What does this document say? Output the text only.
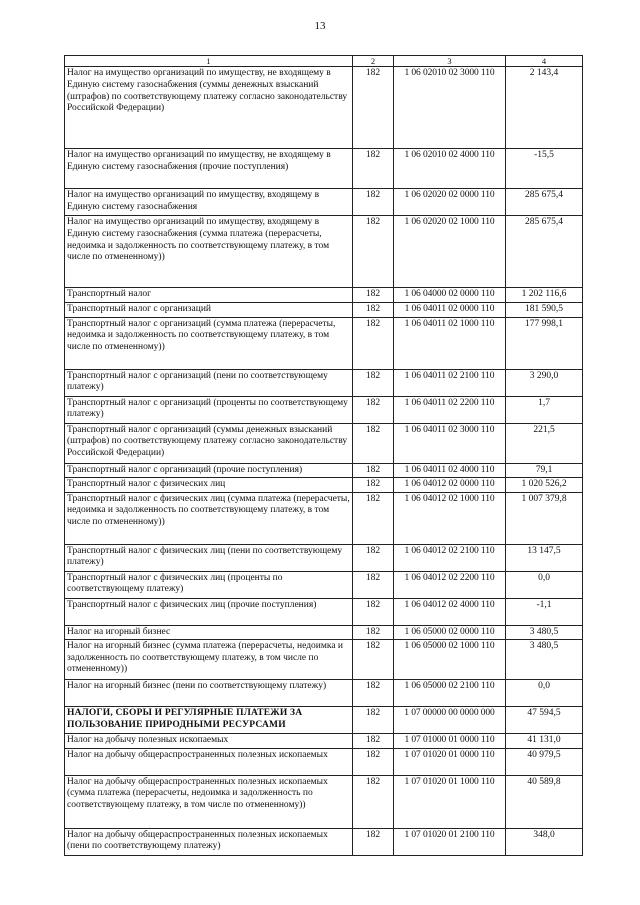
13
1	2	3	4
Налог на имущество организаций по имуществу, не входящему в Единую систему газоснабжения (суммы денежных взысканий (штрафов) по соответствующему платежу согласно законодательству Российской Федерации)	182	1 06 02010 02 3000 110	2 143,4
Налог на имущество организаций по имуществу, не входящему в Единую систему газоснабжения (прочие поступления)	182	1 06 02010 02 4000 110	-15,5
Налог на имущество организаций по имуществу, входящему в Единую систему газоснабжения	182	1 06 02020 02 0000 110	285 675,4
Налог на имущество организаций по имуществу, входящему в Единую систему газоснабжения (сумма платежа (перерасчеты, недоимка и задолженность по соответствующему платежу, в том числе по отмененному))	182	1 06 02020 02 1000 110	285 675,4
Транспортный налог	182	1 06 04000 02 0000 110	1 202 116,6
Транспортный налог с организаций	182	1 06 04011 02 0000 110	181 590,5
Транспортный налог с организаций (сумма платежа (перерасчеты, недоимка и задолженность по соответствующему платежу, в том числе по отмененному))	182	1 06 04011 02 1000 110	177 998,1
Транспортный налог с организаций (пени по соответствующему платежу)	182	1 06 04011 02 2100 110	3 290,0
Транспортный налог с организаций (проценты по соответствующему платежу)	182	1 06 04011 02 2200 110	1,7
Транспортный налог с организаций (суммы денежных взысканий (штрафов) по соответствующему платежу согласно законодательству Российской Федерации)	182	1 06 04011 02 3000 110	221,5
Транспортный налог с организаций (прочие поступления)	182	1 06 04011 02 4000 110	79,1
Транспортный налог с физических лиц	182	1 06 04012 02 0000 110	1 020 526,2
Транспортный налог с физических лиц (сумма платежа (перерасчеты, недоимка и задолженность по соответствующему платежу, в том числе по отмененному))	182	1 06 04012 02 1000 110	1 007 379,8
Транспортный налог с физических лиц (пени по соответствующему платежу)	182	1 06 04012 02 2100 110	13 147,5
Транспортный налог с физических лиц (проценты по соответствующему платежу)	182	1 06 04012 02 2200 110	0,0
Транспортный налог с физических лиц (прочие поступления)	182	1 06 04012 02 4000 110	-1,1
Налог на игорный бизнес	182	1 06 05000 02 0000 110	3 480,5
Налог на игорный бизнес (сумма платежа (перерасчеты, недоимка и задолженность по соответствующему платежу, в том числе по отмененному))	182	1 06 05000 02 1000 110	3 480,5
Налог на игорный бизнес (пени по соответствующему платежу)	182	1 06 05000 02 2100 110	0,0
НАЛОГИ, СБОРЫ И РЕГУЛЯРНЫЕ ПЛАТЕЖИ ЗА ПОЛЬЗОВАНИЕ ПРИРОДНЫМИ РЕСУРСАМИ	182	1 07 00000 00 0000 000	47 594,5
Налог на добычу полезных ископаемых	182	1 07 01000 01 0000 110	41 131,0
Налог на добычу общераспространенных полезных ископаемых	182	1 07 01020 01 0000 110	40 979,5
Налог на добычу общераспространенных полезных ископаемых (сумма платежа (перерасчеты, недоимка и задолженность по соответствующему платежу, в том числе по отмененному))	182	1 07 01020 01 1000 110	40 589,8
Налог на добычу общераспространенных полезных ископаемых (пени по соответствующему платежу)	182	1 07 01020 01 2100 110	348,0
